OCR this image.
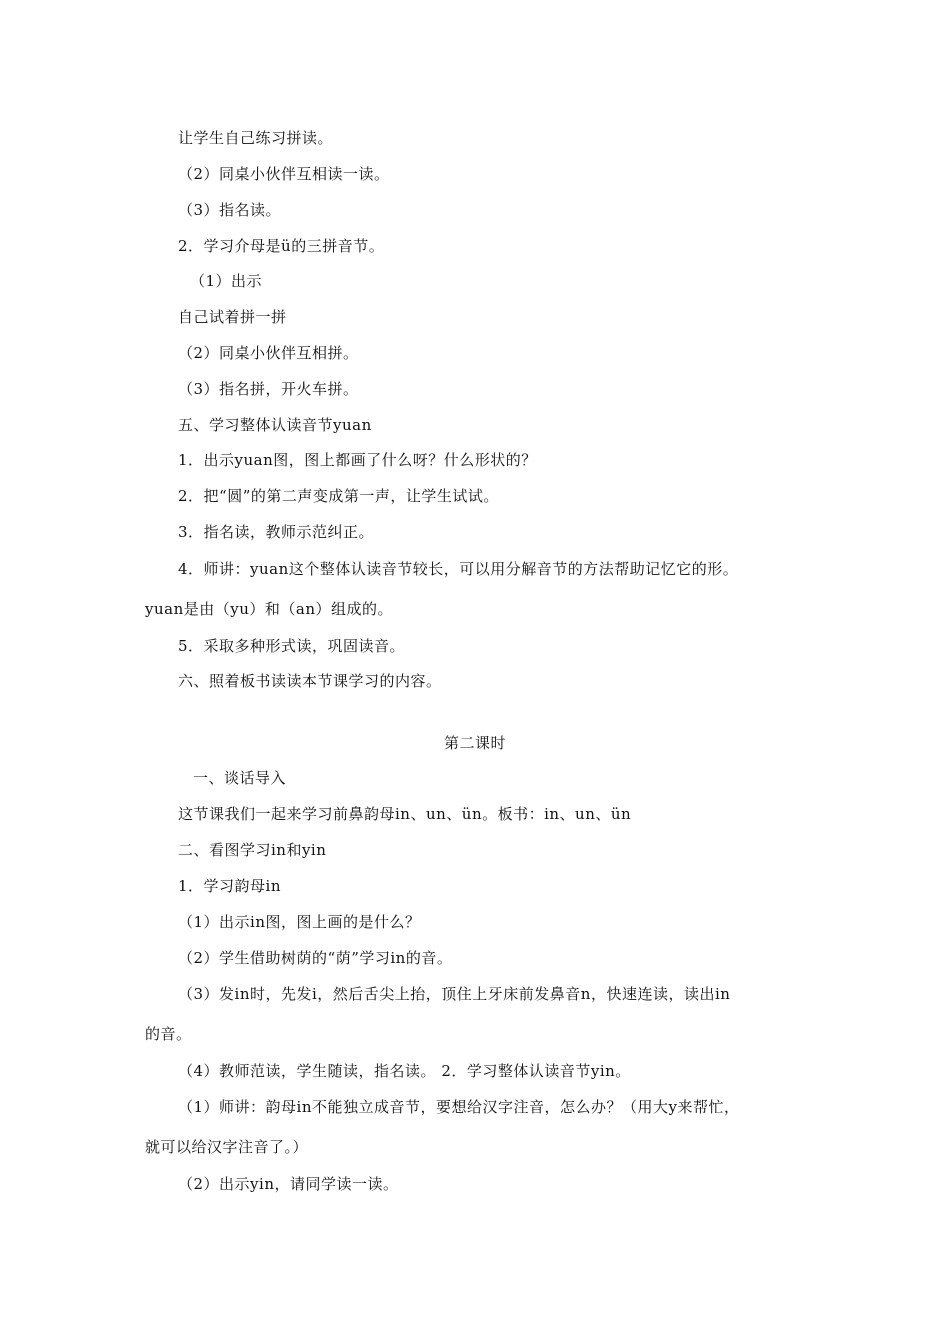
让学生自己练习拼读。
（2）同桌小伙伴互相读一读。
（3）指名读。
2．学习介母是ü的三拼音节。
（1）出示
自己试着拼一拼
（2）同桌小伙伴互相拼。
（3）指名拼，开火车拼。
五、学习整体认读音节yuan
1．出示yuan图，图上都画了什么呀？什么形状的？
2．把“圆”的第二声变成第一声，让学生试试。
3．指名读，教师示范纠正。
4．师讲：yuan这个整体认读音节较长，可以用分解音节的方法帮助记忆它的形。
yuan是由（yu）和（an）组成的。
5．采取多种形式读，巩固读音。
六、照着板书读读本节课学习的内容。
第二课时
一、谈话导入
这节课我们一起来学习前鼻韵母in、un、ün。板书：in、un、ün
二、看图学习in和yin
1．学习韵母in
（1）出示in图，图上画的是什么？
（2）学生借助树荫的“荫”学习in的音。
（3）发in时，先发i，然后舌尖上抬，顶住上牙床前发鼻音n，快速连读，读出in
的音。
（4）教师范读，学生随读，指名读。 2．学习整体认读音节yin。
（1）师讲：韵母in不能独立成音节，要想给汉字注音，怎么办？（用大y来帮忙，
就可以给汉字注音了。）
（2）出示yin，请同学读一读。
